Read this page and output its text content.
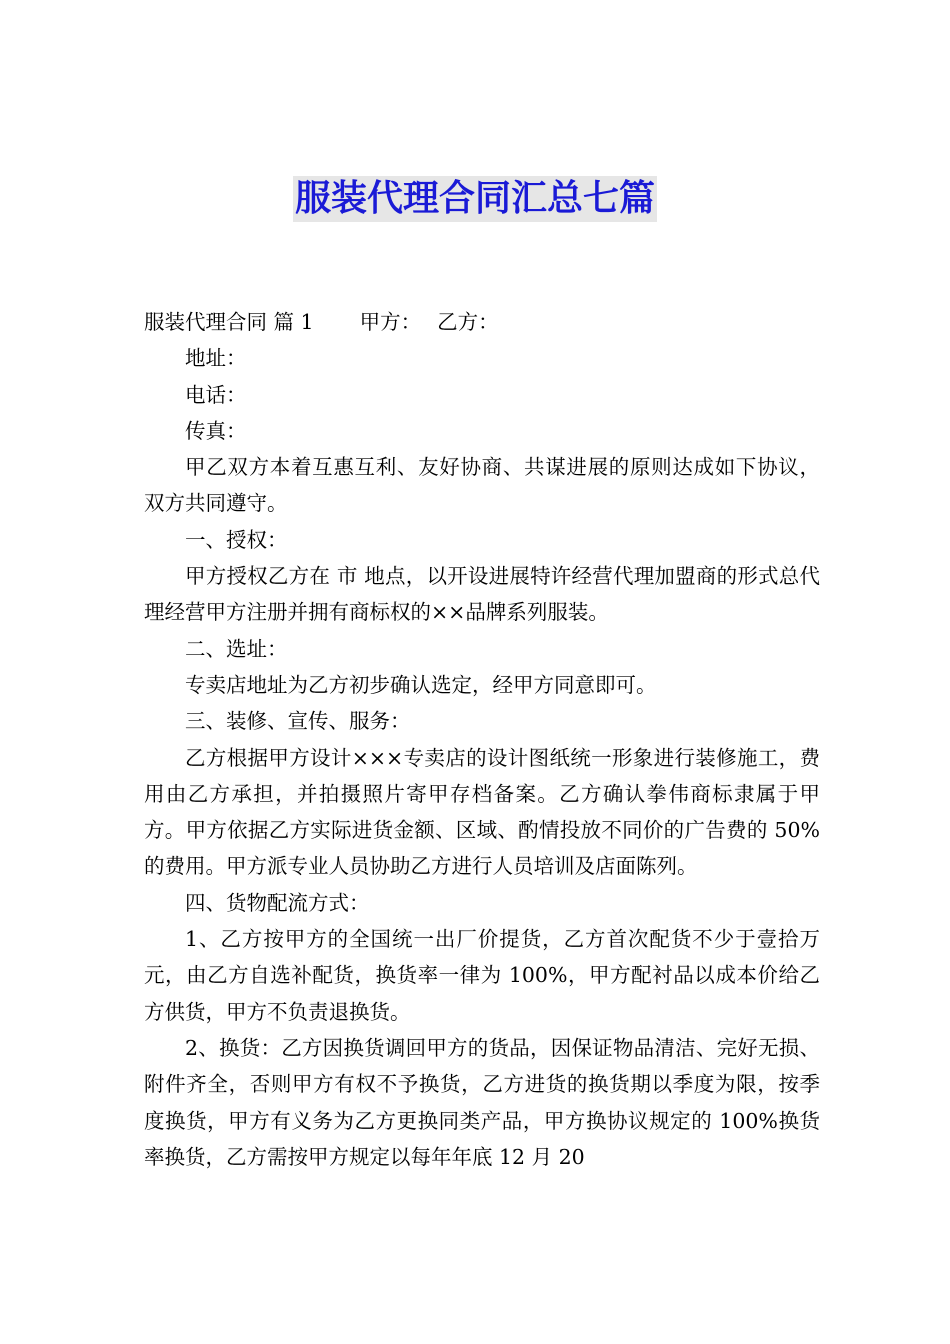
服装代理合同汇总七篇

服装代理合同 篇 1 甲方： 乙方：

地址：

电话：

传真：

甲乙双方本着互惠互利、友好协商、共谋进展的原则达成如下协议，双方共同遵守。

一、授权：

甲方授权乙方在 市 地点，以开设进展特许经营代理加盟商的形式总代理经营甲方注册并拥有商标权的××品牌系列服装。

二、选址：

专卖店地址为乙方初步确认选定，经甲方同意即可。

三、装修、宣传、服务：

乙方根据甲方设计×××专卖店的设计图纸统一形象进行装修施工，费用由乙方承担，并拍摄照片寄甲存档备案。乙方确认拳伟商标隶属于甲方。甲方依据乙方实际进货金额、区域、酌情投放不同价的广告费的 50%的费用。甲方派专业人员协助乙方进行人员培训及店面陈列。

四、货物配流方式：

1、乙方按甲方的全国统一出厂价提货，乙方首次配货不少于壹拾万元，由乙方自选补配货，换货率一律为 100%，甲方配衬品以成本价给乙方供货，甲方不负责退换货。

2、换货：乙方因换货调回甲方的货品，因保证物品清洁、完好无损、附件齐全，否则甲方有权不予换货，乙方进货的换货期以季度为限，按季度换货，甲方有义务为乙方更换同类产品，甲方换协议规定的 100%换货率换货，乙方需按甲方规定以每年年底 12 月 20
